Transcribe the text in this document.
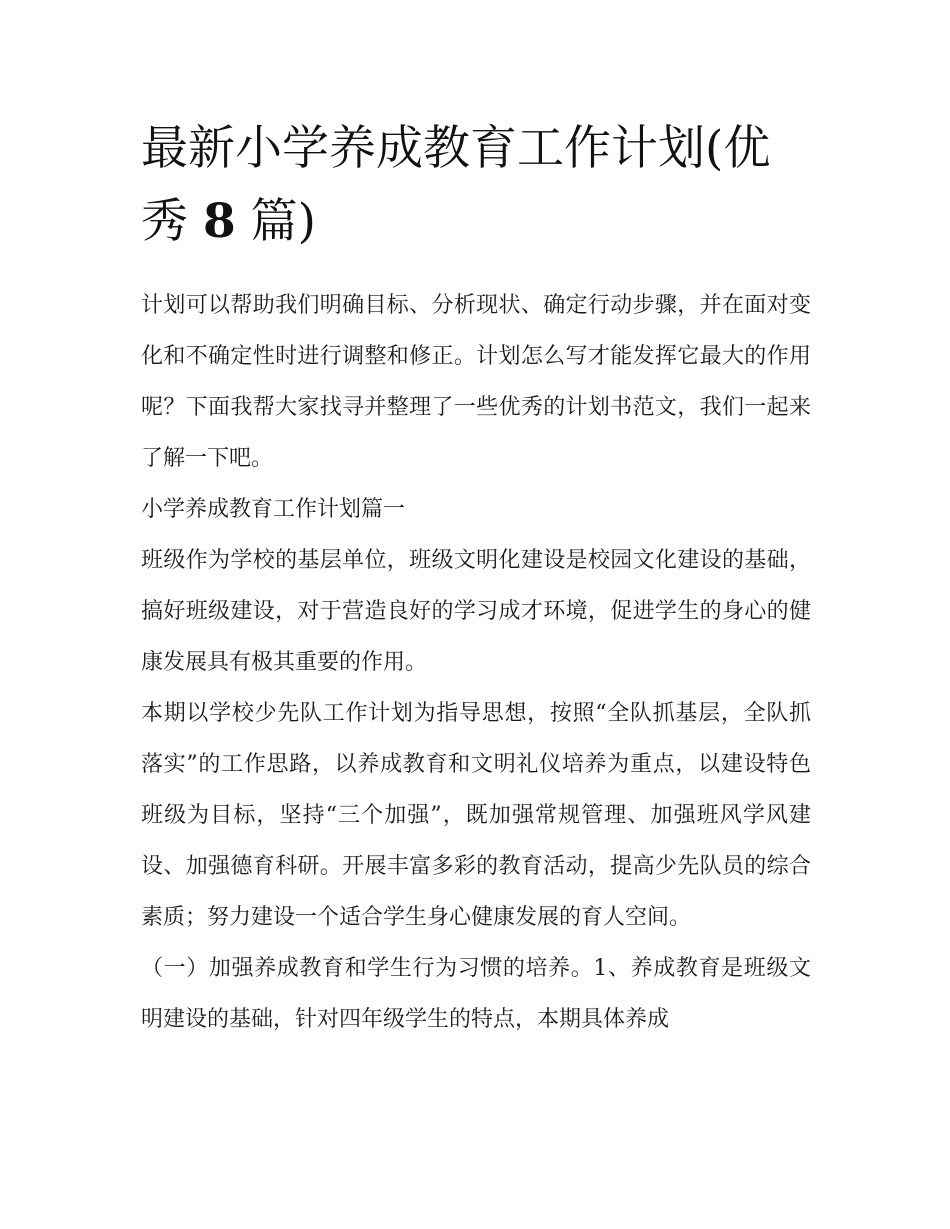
最新小学养成教育工作计划(优
秀 8 篇)

计划可以帮助我们明确目标、分析现状、确定行动步骤，并在面对变化和不确定性时进行调整和修正。计划怎么写才能发挥它最大的作用呢？下面我帮大家找寻并整理了一些优秀的计划书范文，我们一起来了解一下吧。

小学养成教育工作计划篇一

班级作为学校的基层单位，班级文明化建设是校园文化建设的基础，搞好班级建设，对于营造良好的学习成才环境，促进学生的身心的健康发展具有极其重要的作用。

本期以学校少先队工作计划为指导思想，按照“全队抓基层，全队抓落实”的工作思路，以养成教育和文明礼仪培养为重点，以建设特色班级为目标，坚持“三个加强”，既加强常规管理、加强班风学风建设、加强德育科研。开展丰富多彩的教育活动，提高少先队员的综合素质；努力建设一个适合学生身心健康发展的育人空间。

（一）加强养成教育和学生行为习惯的培养。1、养成教育是班级文明建设的基础，针对四年级学生的特点，本期具体养成
